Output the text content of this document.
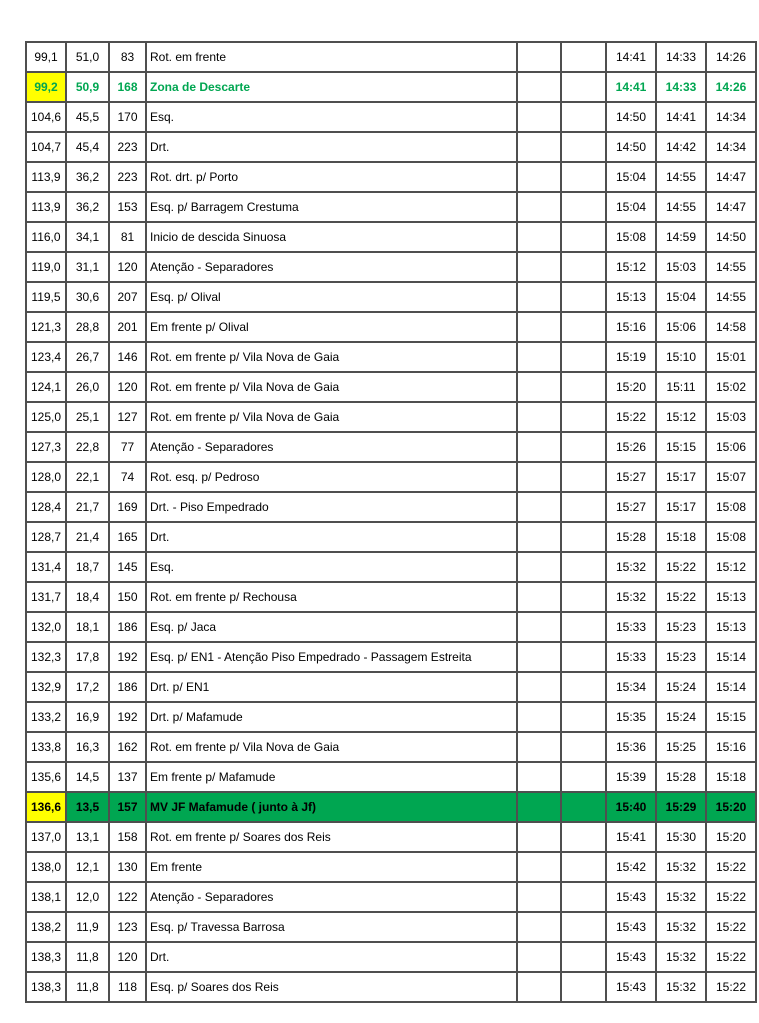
99,1	51,0	83	Rot. em frente			14:41	14:33	14:26
99,2	50,9	168	Zona de Descarte			14:41	14:33	14:26
104,6	45,5	170	Esq.			14:50	14:41	14:34
104,7	45,4	223	Drt.			14:50	14:42	14:34
113,9	36,2	223	Rot. drt. p/ Porto			15:04	14:55	14:47
113,9	36,2	153	Esq. p/ Barragem Crestuma			15:04	14:55	14:47
116,0	34,1	81	Inicio de descida Sinuosa			15:08	14:59	14:50
119,0	31,1	120	Atenção - Separadores			15:12	15:03	14:55
119,5	30,6	207	Esq. p/ Olival			15:13	15:04	14:55
121,3	28,8	201	Em frente p/ Olival			15:16	15:06	14:58
123,4	26,7	146	Rot. em frente p/ Vila Nova de Gaia			15:19	15:10	15:01
124,1	26,0	120	Rot. em frente p/ Vila Nova de Gaia			15:20	15:11	15:02
125,0	25,1	127	Rot. em frente p/ Vila Nova de Gaia			15:22	15:12	15:03
127,3	22,8	77	Atenção - Separadores			15:26	15:15	15:06
128,0	22,1	74	Rot. esq. p/ Pedroso			15:27	15:17	15:07
128,4	21,7	169	Drt. - Piso Empedrado			15:27	15:17	15:08
128,7	21,4	165	Drt.			15:28	15:18	15:08
131,4	18,7	145	Esq.			15:32	15:22	15:12
131,7	18,4	150	Rot. em frente p/ Rechousa			15:32	15:22	15:13
132,0	18,1	186	Esq. p/ Jaca			15:33	15:23	15:13
132,3	17,8	192	Esq. p/ EN1 - Atenção Piso Empedrado - Passagem Estreita			15:33	15:23	15:14
132,9	17,2	186	Drt. p/ EN1			15:34	15:24	15:14
133,2	16,9	192	Drt. p/ Mafamude			15:35	15:24	15:15
133,8	16,3	162	Rot. em frente p/ Vila Nova de Gaia			15:36	15:25	15:16
135,6	14,5	137	Em frente p/ Mafamude			15:39	15:28	15:18
136,6	13,5	157	MV JF Mafamude ( junto à Jf)			15:40	15:29	15:20
137,0	13,1	158	Rot. em frente p/ Soares dos Reis			15:41	15:30	15:20
138,0	12,1	130	Em frente			15:42	15:32	15:22
138,1	12,0	122	Atenção - Separadores			15:43	15:32	15:22
138,2	11,9	123	Esq. p/ Travessa Barrosa			15:43	15:32	15:22
138,3	11,8	120	Drt.			15:43	15:32	15:22
138,3	11,8	118	Esq. p/ Soares dos Reis			15:43	15:32	15:22
